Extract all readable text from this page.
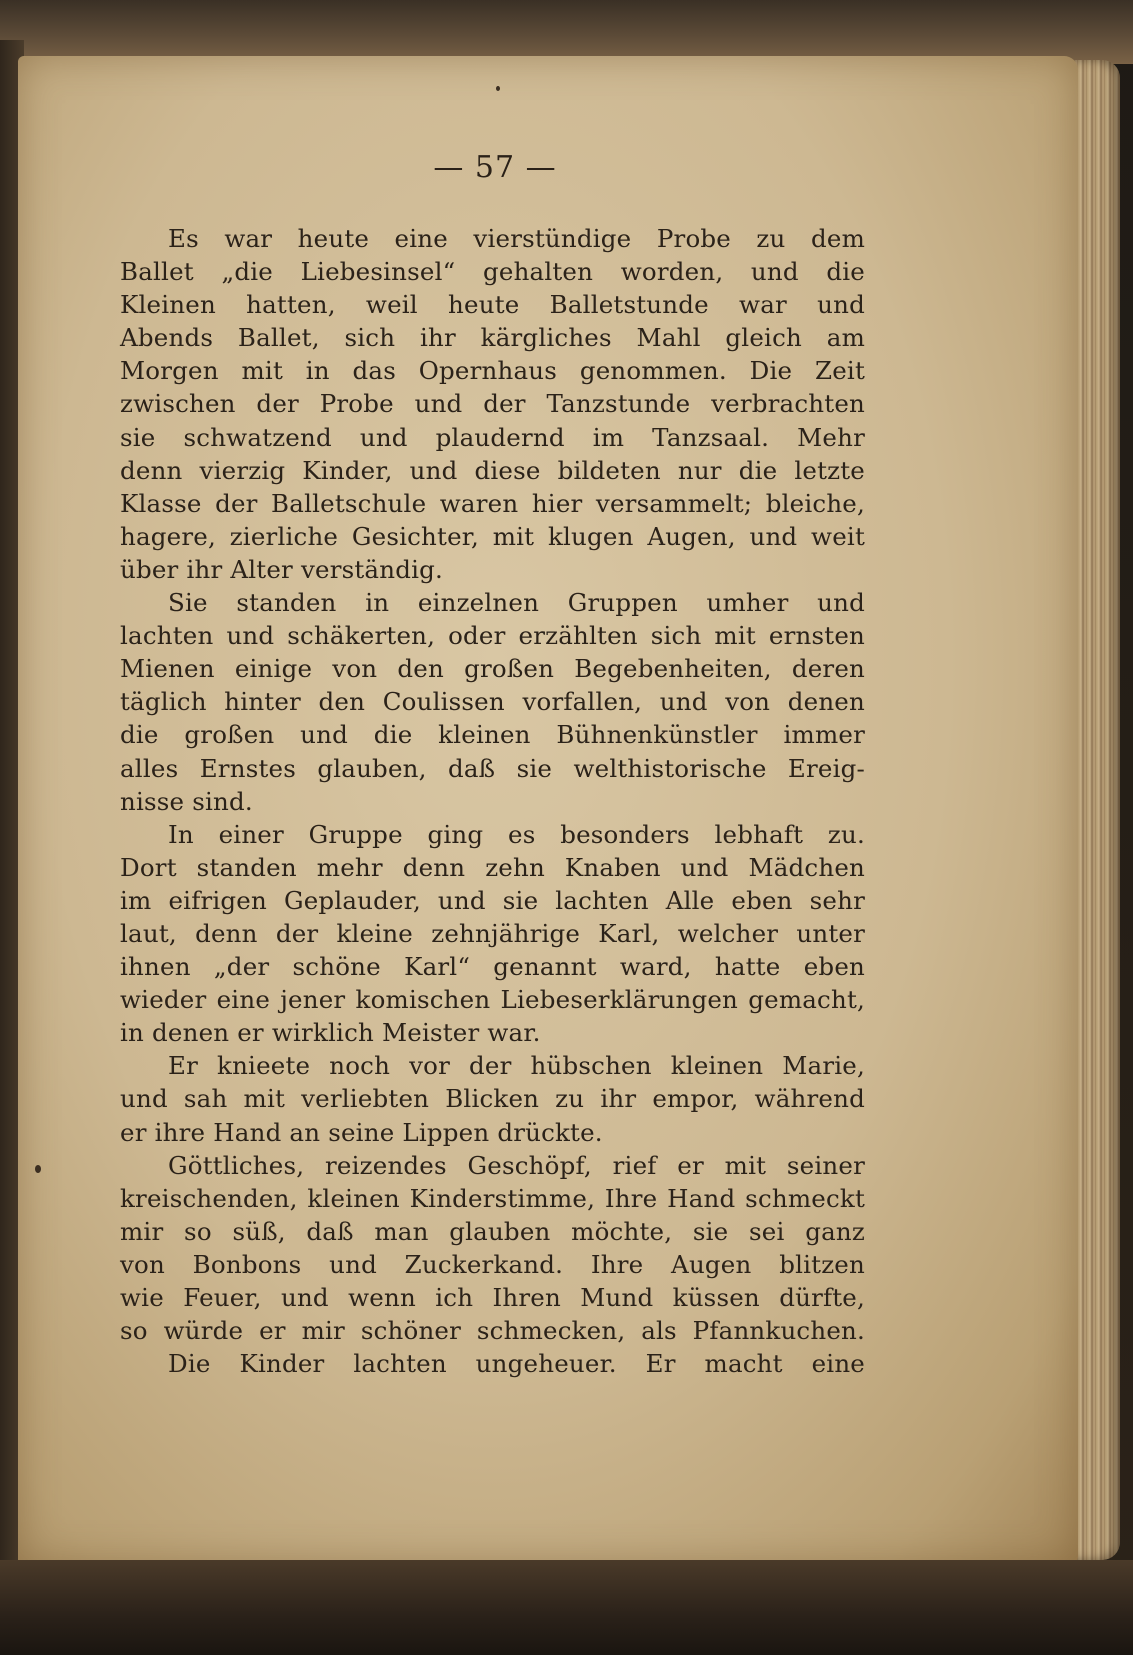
— 57 —
Es war heute eine vierstündige Probe zu dem
Ballet „die Liebesinsel“ gehalten worden, und die
Kleinen hatten, weil heute Balletstunde war und
Abends Ballet, sich ihr kärgliches Mahl gleich am
Morgen mit in das Opernhaus genommen. Die Zeit
zwischen der Probe und der Tanzstunde verbrachten
sie schwatzend und plaudernd im Tanzsaal. Mehr
denn vierzig Kinder, und diese bildeten nur die letzte
Klasse der Balletschule waren hier versammelt; bleiche,
hagere, zierliche Gesichter, mit klugen Augen, und weit
über ihr Alter verständig.
Sie standen in einzelnen Gruppen umher und
lachten und schäkerten, oder erzählten sich mit ernsten
Mienen einige von den großen Begebenheiten, deren
täglich hinter den Coulissen vorfallen, und von denen
die großen und die kleinen Bühnenkünstler immer
alles Ernstes glauben, daß sie welthistorische Ereig-
nisse sind.
In einer Gruppe ging es besonders lebhaft zu.
Dort standen mehr denn zehn Knaben und Mädchen
im eifrigen Geplauder, und sie lachten Alle eben sehr
laut, denn der kleine zehnjährige Karl, welcher unter
ihnen „der schöne Karl“ genannt ward, hatte eben
wieder eine jener komischen Liebeserklärungen gemacht,
in denen er wirklich Meister war.
Er knieete noch vor der hübschen kleinen Marie,
und sah mit verliebten Blicken zu ihr empor, während
er ihre Hand an seine Lippen drückte.
Göttliches, reizendes Geschöpf, rief er mit seiner
kreischenden, kleinen Kinderstimme, Ihre Hand schmeckt
mir so süß, daß man glauben möchte, sie sei ganz
von Bonbons und Zuckerkand. Ihre Augen blitzen
wie Feuer, und wenn ich Ihren Mund küssen dürfte,
so würde er mir schöner schmecken, als Pfannkuchen.
Die Kinder lachten ungeheuer. Er macht eine
